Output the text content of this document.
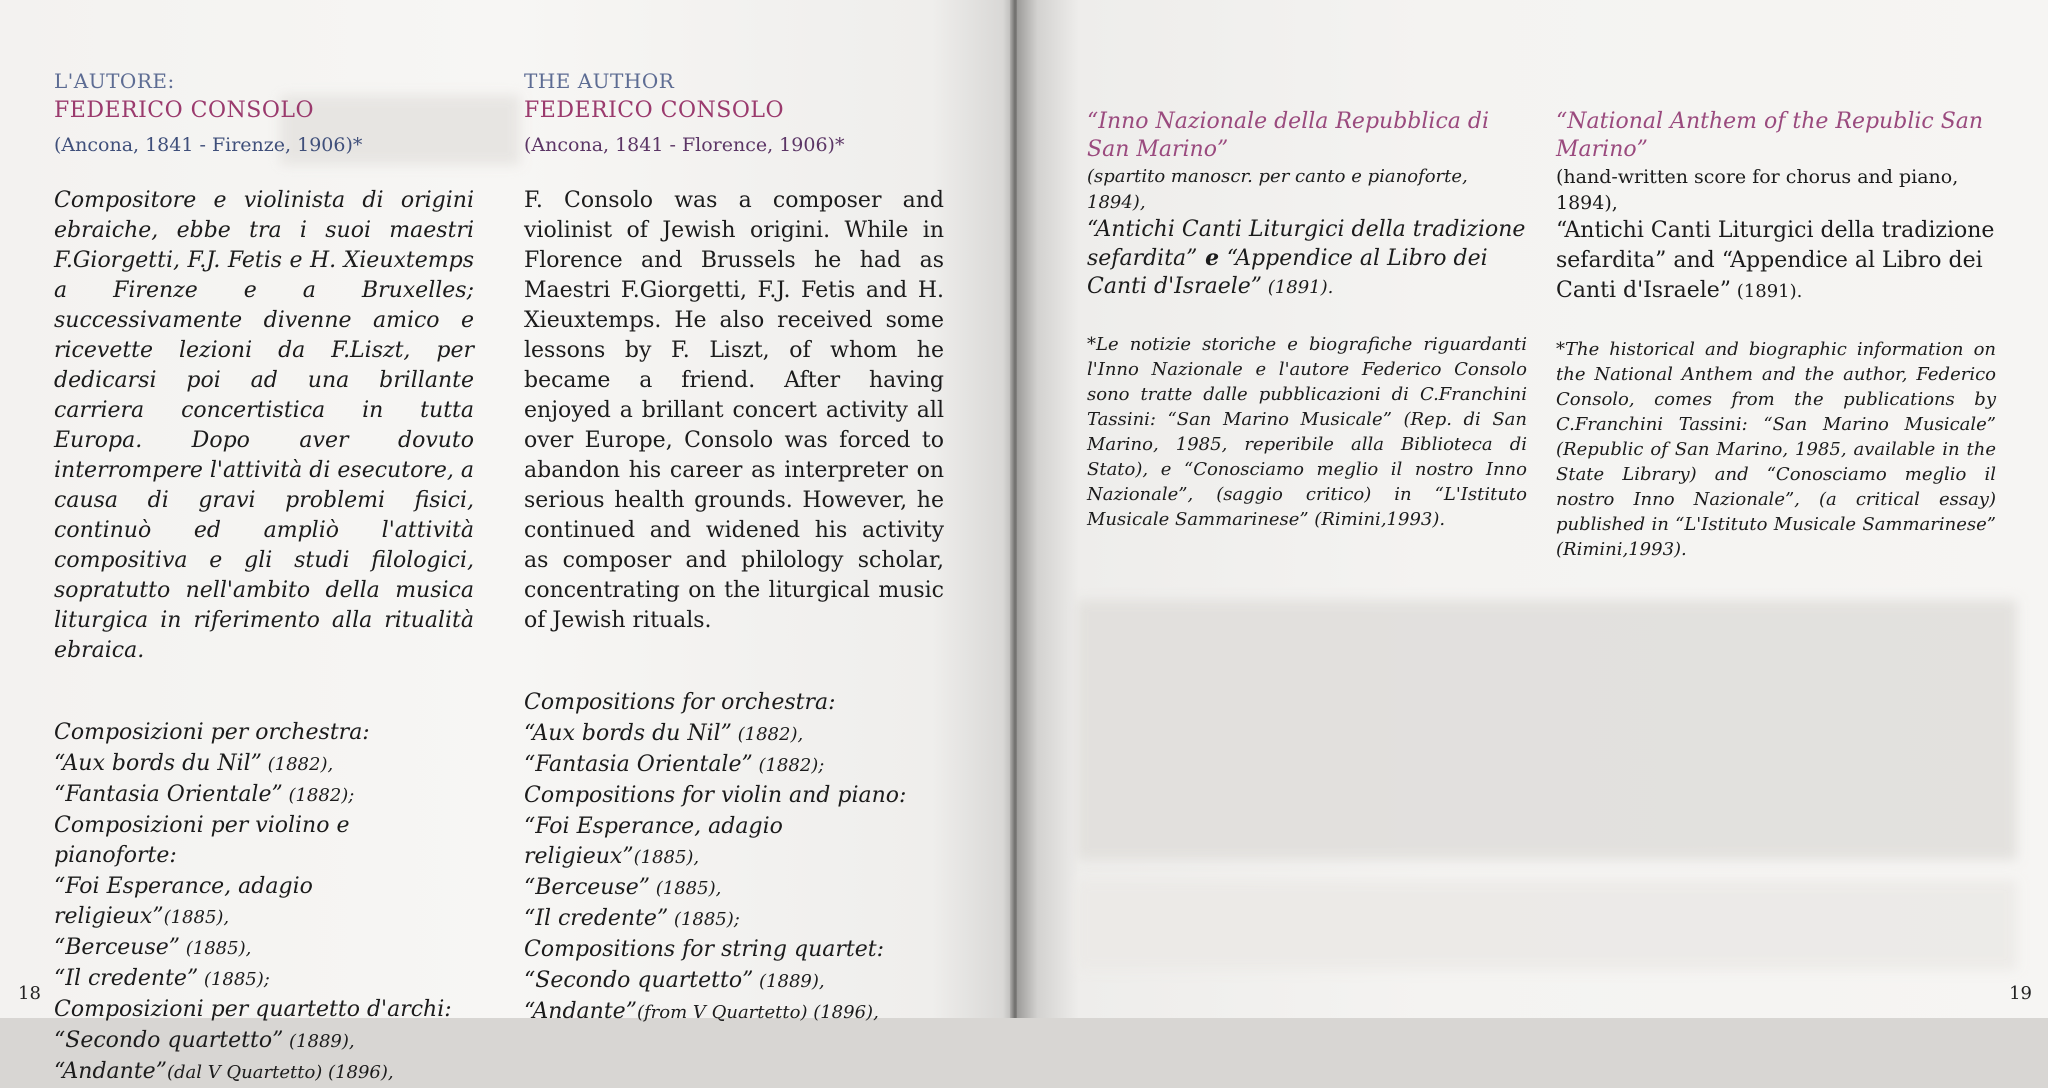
L'AUTORE:
FEDERICO CONSOLO
(Ancona, 1841 - Firenze, 1906)*
Compositore e violinista di origini ebraiche, ebbe tra i suoi maestri F.Giorgetti, F.J. Fetis e H. Xieuxtemps a Firenze e a Bruxelles; successivamente divenne amico e ricevette lezioni da F.Liszt, per dedicarsi poi ad una brillante carriera concertistica in tutta Europa. Dopo aver dovuto interrompere l'attività di esecutore, a causa di gravi problemi fisici, continuò ed ampliò l'attività compositiva e gli studi filologici, sopratutto nell'ambito della musica liturgica in riferimento alla ritualità ebraica.
Composizioni per orchestra:
“Aux bords du Nil” (1882),
“Fantasia Orientale” (1882);
Composizioni per violino e pianoforte:
“Foi Esperance, adagio religieux”(1885),
“Berceuse” (1885),
“Il credente” (1885);
Composizioni per quartetto d'archi:
“Secondo quartetto” (1889),
“Andante”(dal V Quartetto) (1896),
THE AUTHOR
FEDERICO CONSOLO
(Ancona, 1841 - Florence, 1906)*
F. Consolo was a composer and violinist of Jewish origini. While in Florence and Brussels he had as Maestri F.Giorgetti, F.J. Fetis and H. Xieuxtemps. He also received some lessons by F. Liszt, of whom he became a friend. After having enjoyed a brillant concert activity all over Europe, Consolo was forced to abandon his career as interpreter on serious health grounds. However, he continued and widened his activity as composer and philology scholar, concentrating on the liturgical music of Jewish rituals.
Compositions for orchestra:
“Aux bords du Nil” (1882),
“Fantasia Orientale” (1882);
Compositions for violin and piano:
“Foi Esperance, adagio religieux”(1885),
“Berceuse” (1885),
“Il credente” (1885);
Compositions for string quartet:
“Secondo quartetto” (1889),
“Andante”(from V Quartetto) (1896),
18
“Inno Nazionale della Repubblica di San Marino”
(spartito manoscr. per canto e pianoforte, 1894),
“Antichi Canti Liturgici della tradizione sefardita” e “Appendice al Libro dei Canti d'Israele” (1891).
*Le notizie storiche e biografiche riguardanti l'Inno Nazionale e l'autore Federico Consolo sono tratte dalle pubblicazioni di C.Franchini Tassini: “San Marino Musicale” (Rep. di San Marino, 1985, reperibile alla Biblioteca di Stato), e “Conosciamo meglio il nostro Inno Nazionale”, (saggio critico) in “L'Istituto Musicale Sammarinese” (Rimini,1993).
“National Anthem of the Republic San Marino”
(hand-written score for chorus and piano, 1894),
“Antichi Canti Liturgici della tradizione sefardita” and “Appendice al Libro dei Canti d'Israele” (1891).
*The historical and biographic information on the National Anthem and the author, Federico Consolo, comes from the publications by C.Franchini Tassini: “San Marino Musicale” (Republic of San Marino, 1985, available in the State Library) and “Conosciamo meglio il nostro Inno Nazionale”, (a critical essay) published in “L'Istituto Musicale Sammarinese” (Rimini,1993).
19
